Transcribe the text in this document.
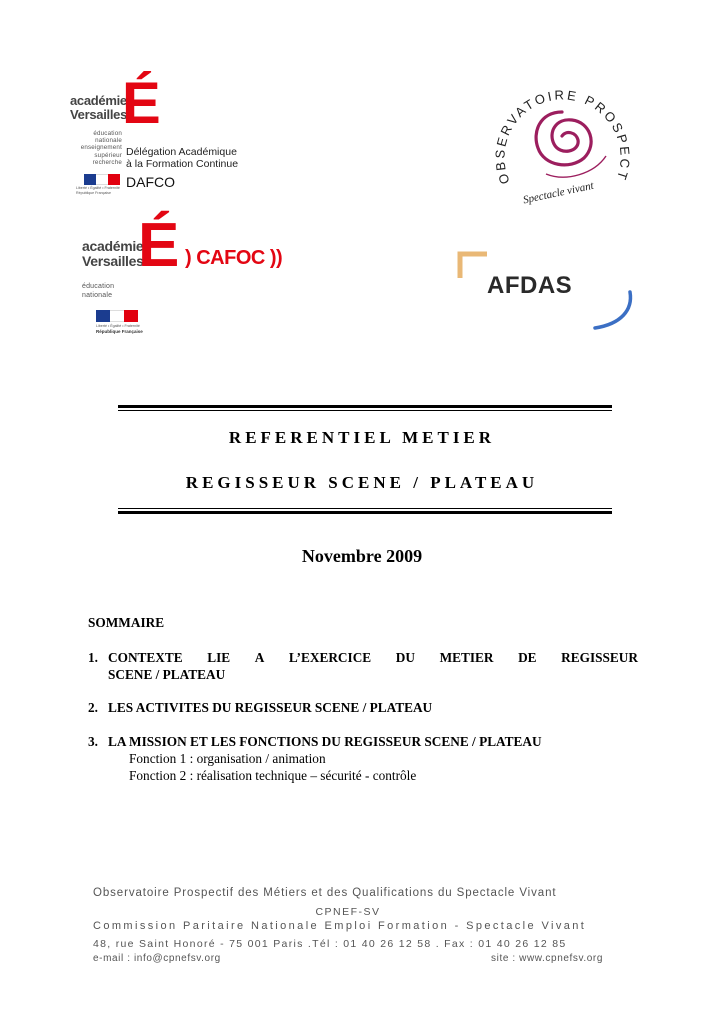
académie
Versailles
É
éducation
nationale
enseignement
supérieur
recherche
Délégation Académique
à la Formation Continue
Liberté • Égalité • Fraternité
République Française
DAFCO	OBSERVATOIRE PROSPECT
Spectacle vivant
académie
Versailles
É ) CAFOC ))
éducation
nationale
Liberté • Égalité • Fraternité
République Française
AFDAS
REFERENTIEL METIER
REGISSEUR SCENE / PLATEAU
Novembre 2009
SOMMAIRE
1. CONTEXTE LIE A L’EXERCICE DU METIER DE REGISSEUR
SCENE / PLATEAU
2. LES ACTIVITES DU REGISSEUR SCENE / PLATEAU
3. LA MISSION ET LES FONCTIONS DU REGISSEUR SCENE / PLATEAU
Fonction 1 : organisation / animation
Fonction 2 : réalisation technique – sécurité - contrôle
Observatoire Prospectif des Métiers et des Qualifications du Spectacle Vivant
CPNEF-SV
Commission Paritaire Nationale Emploi Formation - Spectacle Vivant
48, rue Saint Honoré - 75 001 Paris .Tél : 01 40 26 12 58 . Fax : 01 40 26 12 85
e-mail : info@cpnefsv.org	site : www.cpnefsv.org
